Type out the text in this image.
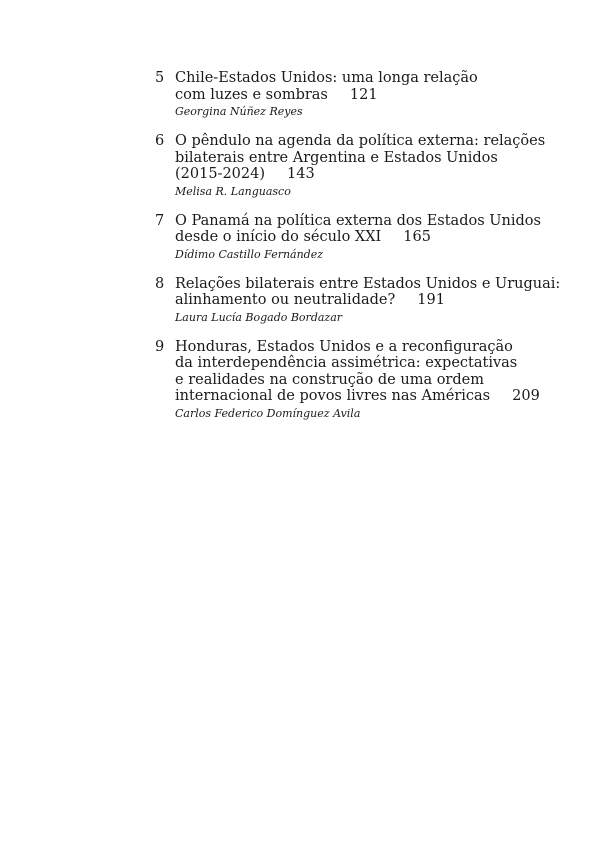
5 Chile-Estados Unidos: uma longa relação
com luzes e sombras 121
Georgina Núñez Reyes
6 O pêndulo na agenda da política externa: relações
bilaterais entre Argentina e Estados Unidos
(2015-2024) 143
Melisa R. Languasco
7 O Panamá na política externa dos Estados Unidos
desde o início do século XXI 165
Dídimo Castillo Fernández
8 Relações bilaterais entre Estados Unidos e Uruguai:
alinhamento ou neutralidade? 191
Laura Lucía Bogado Bordazar
9 Honduras, Estados Unidos e a reconfiguração
da interdependência assimétrica: expectativas
e realidades na construção de uma ordem
internacional de povos livres nas Américas 209
Carlos Federico Domínguez Avila
